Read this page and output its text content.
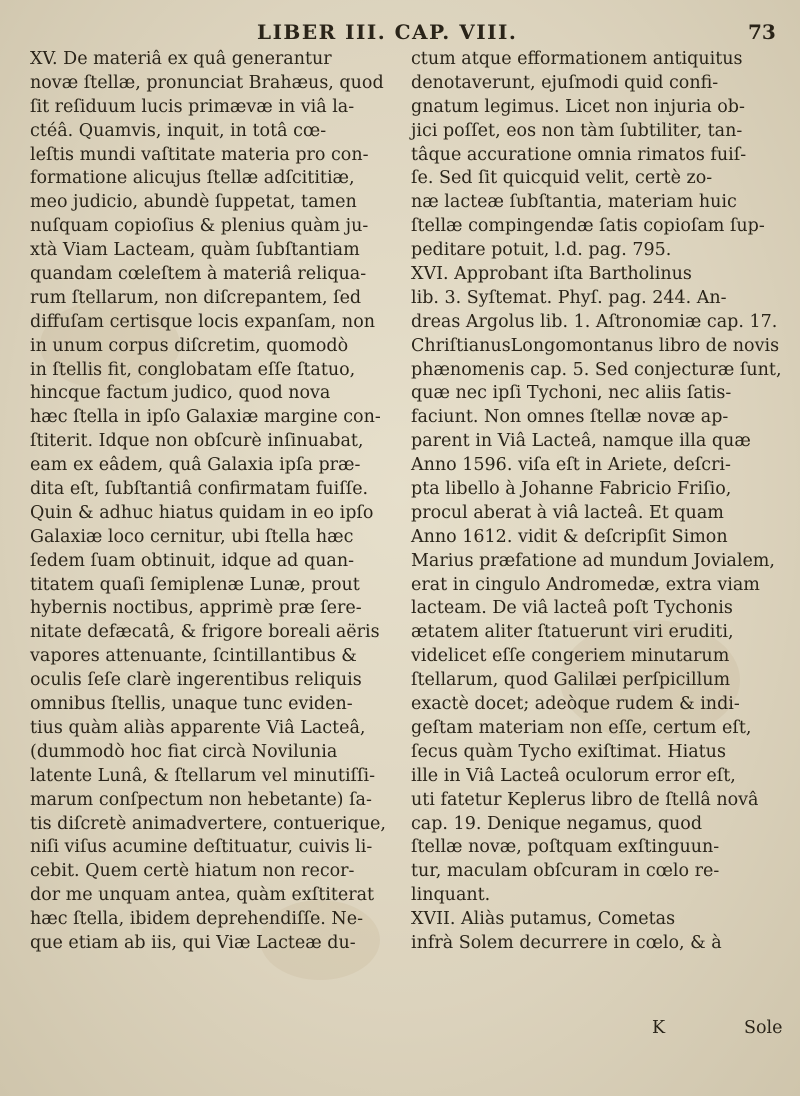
LIBER III. CAP. VIII.	73
XV. De materiâ ex quâ generantur
novæ ſtellæ, pronunciat Brahæus, quod
ſit reſiduum lucis primævæ in viâ la-
ctéâ. Quamvis, inquit, in totâ cœ-
leſtis mundi vaſtitate materia pro con-
formatione alicujus ſtellæ adſcititiæ,
meo judicio, abundè ſuppetat, tamen
nuſquam copioſius & plenius quàm ju-
xtà Viam Lacteam, quàm ſubſtantiam
quandam cœleſtem à materiâ reliqua-
rum ſtellarum, non diſcrepantem, ſed
diffuſam certisque locis expanſam, non
in unum corpus diſcretim, quomodò
in ſtellis fit, conglobatam eſſe ſtatuo,
hincque factum judico, quod nova
hæc ſtella in ipſo Galaxiæ margine con-
ſtiterit. Idque non obſcurè inſinuabat,
eam ex eâdem, quâ Galaxia ipſa præ-
dita eſt, ſubſtantiâ confirmatam fuiſſe.
Quin & adhuc hiatus quidam in eo ipſo
Galaxiæ loco cernitur, ubi ſtella hæc
ſedem ſuam obtinuit, idque ad quan-
titatem quaſi ſemiplenæ Lunæ, prout
hybernis noctibus, apprimè præ ſere-
nitate defæcatâ, & frigore boreali aëris
vapores attenuante, ſcintillantibus &
oculis ſeſe clarè ingerentibus reliquis
omnibus ſtellis, unaque tunc eviden-
tius quàm aliàs apparente Viâ Lacteâ,
(dummodò hoc fiat circà Noviluniа
latente Lunâ, & ſtellarum vel minutiſſi-
marum conſpectum non hebetante) ſa-
tis diſcretè animadvertere, contuerique,
niſi viſus acumine deſtituatur, cuivis li-
cebit. Quem certè hiatum non recor-
dor me unquam antea, quàm exſtiterat
hæc ſtella, ibidem deprehendiſſe. Ne-
que etiam ab iis, qui Viæ Lacteæ du-
ctum atque efformationem antiquitus
denotaverunt, ejuſmodi quid confi-
gnatum legimus. Licet non injuria ob-
jici poſſet, eos non tàm ſubtiliter, tan-
tâque accuratione omnia rimatos fuiſ-
ſe. Sed ſit quicquid velit, certè zo-
næ lacteæ ſubſtantia, materiam huic
ſtellæ compingendæ ſatis copioſam ſup-
peditare potuit, l.d. pag. 795.
XVI. Approbant iſta Bartholinus
lib. 3. Syſtemat. Phyſ. pag. 244. An-
dreas Argolus lib. 1. Aſtronomiæ cap. 17.
ChriſtianusLongomontanus libro de novis
phænomenis cap. 5. Sed conjecturæ ſunt,
quæ nec ipſi Tychoni, nec aliis ſatis-
faciunt. Non omnes ſtellæ novæ ap-
parent in Viâ Lacteâ, namque illa quæ
Anno 1596. viſa eſt in Ariete, deſcri-
pta libello à Johanne Fabricio Friſio,
procul aberat à viâ lacteâ. Et quam
Anno 1612. vidit & deſcripſit Simon
Marius præfatione ad mundum Jovialem,
erat in cingulo Andromedæ, extra viam
lacteam. De viâ lacteâ poſt Tychonis
ætatem aliter ſtatuerunt viri eruditi,
videlicet eſſe congeriem minutarum
ſtellarum, quod Galilæi perſpicillum
exactè docet; adeòque rudem & indi-
geſtam materiam non eſſe, certum eſt,
ſecus quàm Tycho exiſtimat. Hiatus
ille in Viâ Lacteâ oculorum error eſt,
uti fatetur Keplerus libro de ſtellâ novâ
cap. 19. Denique negamus, quod
ſtellæ novæ, poſtquam exſtinguun-
tur, maculam obſcuram in cœlo re-
linquant.
XVII. Aliàs putamus, Cometas
infrà Solem decurrere in cœlo, & à
K	Sole
